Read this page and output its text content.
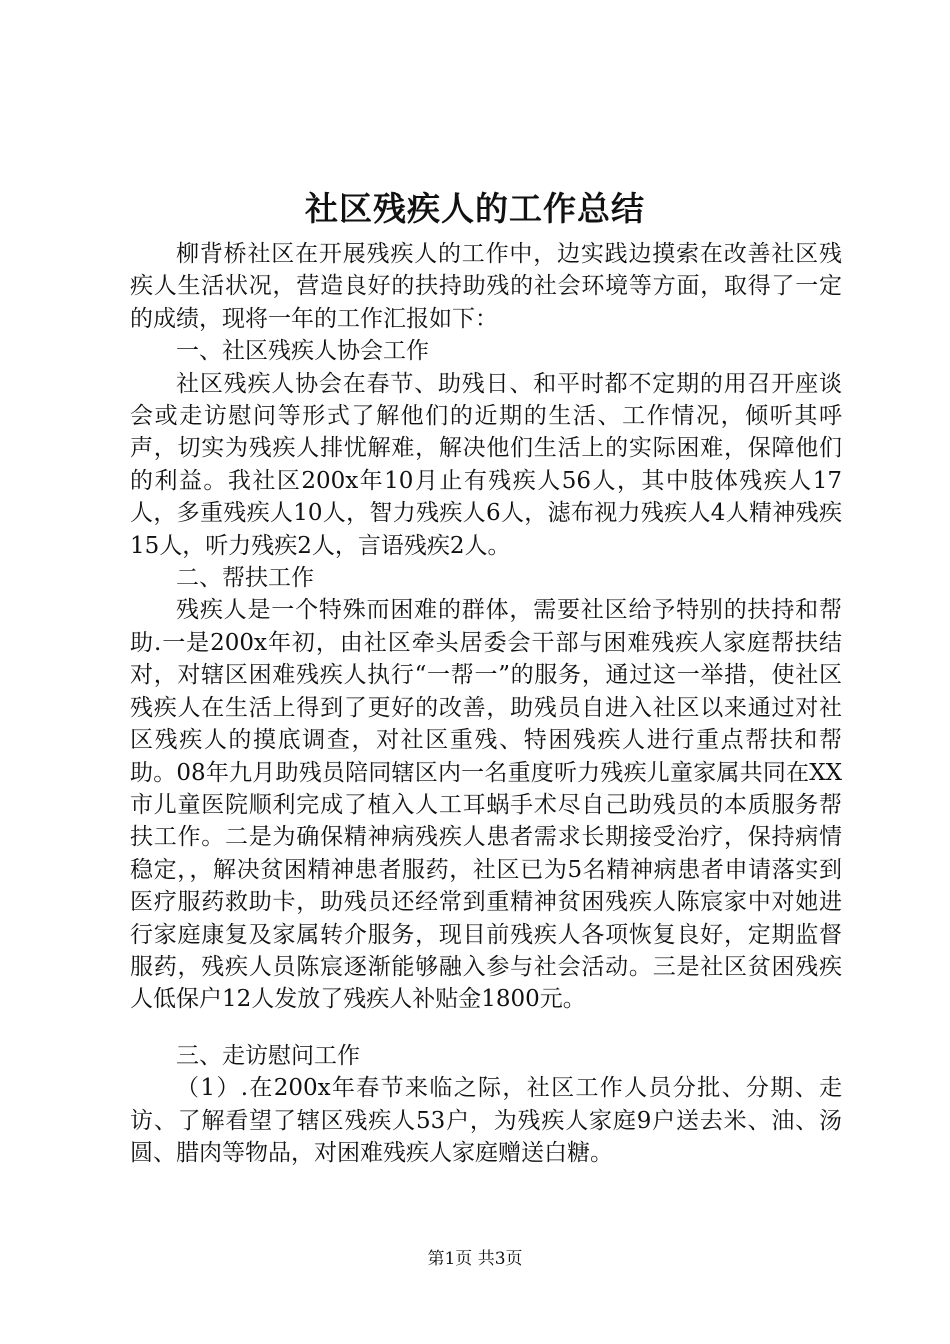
社区残疾人的工作总结

柳背桥社区在开展残疾人的工作中，边实践边摸索在改善社区残疾人生活状况，营造良好的扶持助残的社会环境等方面，取得了一定的成绩，现将一年的工作汇报如下：

一、社区残疾人协会工作

社区残疾人协会在春节、助残日、和平时都不定期的用召开座谈会或走访慰问等形式了解他们的近期的生活、工作情况，倾听其呼声，切实为残疾人排忧解难，解决他们生活上的实际困难，保障他们的利益。我社区200x年10月止有残疾人56人，其中肢体残疾人17人，多重残疾人10人，智力残疾人6人，滤布视力残疾人4人精神残疾15人，听力残疾2人，言语残疾2人。

二、帮扶工作

残疾人是一个特殊而困难的群体，需要社区给予特别的扶持和帮助.一是200x年初，由社区牵头居委会干部与困难残疾人家庭帮扶结对，对辖区困难残疾人执行“一帮一”的服务，通过这一举措，使社区残疾人在生活上得到了更好的改善，助残员自进入社区以来通过对社区残疾人的摸底调查，对社区重残、特困残疾人进行重点帮扶和帮助。08年九月助残员陪同辖区内一名重度听力残疾儿童家属共同在XX市儿童医院顺利完成了植入人工耳蜗手术尽自己助残员的本质服务帮扶工作。二是为确保精神病残疾人患者需求长期接受治疗，保持病情稳定，，解决贫困精神患者服药，社区已为5名精神病患者申请落实到医疗服药救助卡，助残员还经常到重精神贫困残疾人陈宸家中对她进行家庭康复及家属转介服务，现目前残疾人各项恢复良好，定期监督服药，残疾人员陈宸逐渐能够融入参与社会活动。三是社区贫困残疾人低保户12人发放了残疾人补贴金1800元。

三、走访慰问工作

（1）.在200x年春节来临之际，社区工作人员分批、分期、走访、了解看望了辖区残疾人53户，为残疾人家庭9户送去米、油、汤圆、腊肉等物品，对困难残疾人家庭赠送白糖。

第1页 共3页
